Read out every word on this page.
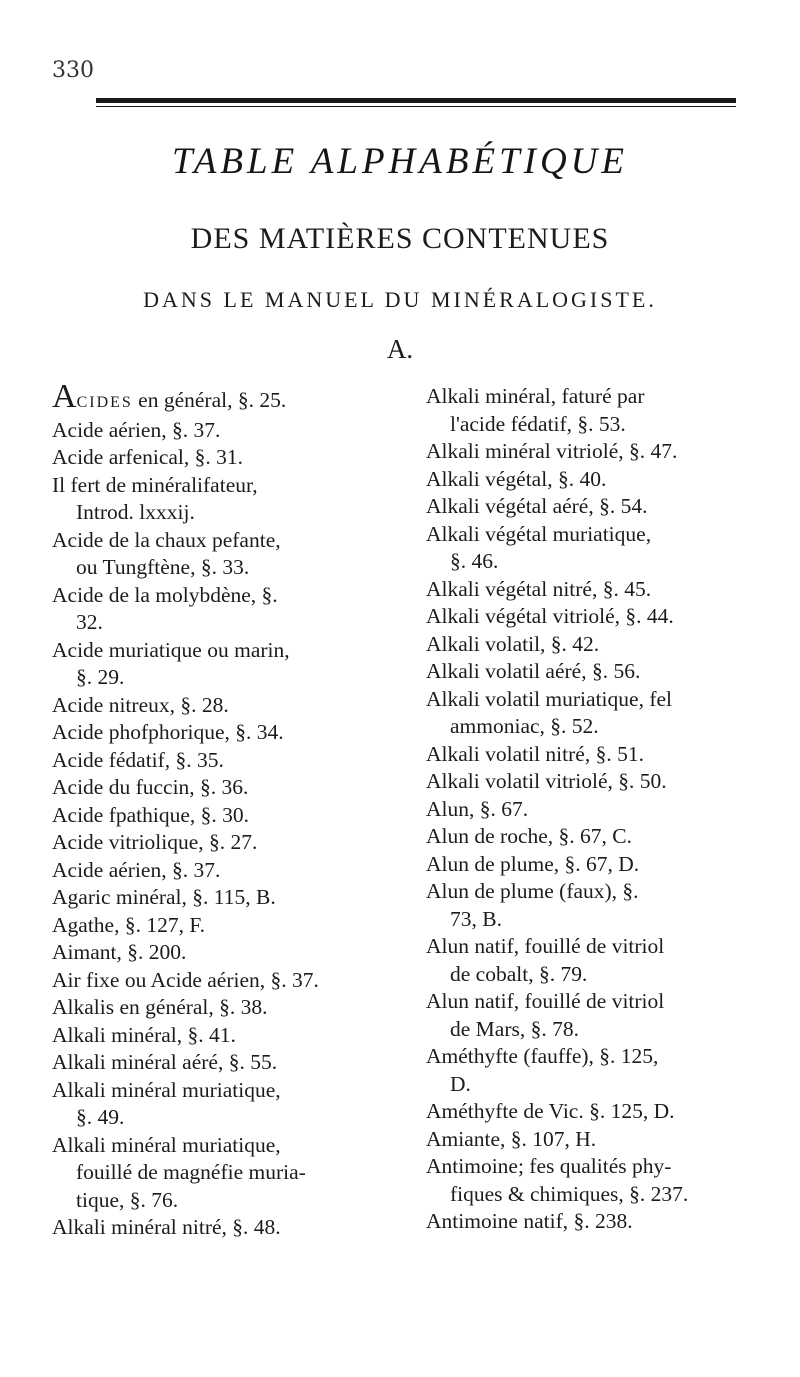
330
TABLE ALPHABÉTIQUE
DES MATIÈRES CONTENUES
DANS LE MANUEL DU MINÉRALOGISTE.
A.
ACIDES en général, §. 25.
Acide aérien, §. 37.
Acide arfenical, §. 31.
Il fert de minéralifateur,
Introd. lxxxij.
Acide de la chaux pefante,
ou Tungftène, §. 33.
Acide de la molybdène, §.
32.
Acide muriatique ou marin,
§. 29.
Acide nitreux, §. 28.
Acide phofphorique, §. 34.
Acide fédatif, §. 35.
Acide du fuccin, §. 36.
Acide fpathique, §. 30.
Acide vitriolique, §. 27.
Acide aérien, §. 37.
Agaric minéral, §. 115, B.
Agathe, §. 127, F.
Aimant, §. 200.
Air fixe ou Acide aérien, §. 37.
Alkalis en général, §. 38.
Alkali minéral, §. 41.
Alkali minéral aéré, §. 55.
Alkali minéral muriatique,
§. 49.
Alkali minéral muriatique,
fouillé de magnéfie muria-
tique, §. 76.
Alkali minéral nitré, §. 48.
Alkali minéral, faturé par
l'acide fédatif, §. 53.
Alkali minéral vitriolé, §. 47.
Alkali végétal, §. 40.
Alkali végétal aéré, §. 54.
Alkali végétal muriatique,
§. 46.
Alkali végétal nitré, §. 45.
Alkali végétal vitriolé, §. 44.
Alkali volatil, §. 42.
Alkali volatil aéré, §. 56.
Alkali volatil muriatique, fel
ammoniac, §. 52.
Alkali volatil nitré, §. 51.
Alkali volatil vitriolé, §. 50.
Alun, §. 67.
Alun de roche, §. 67, C.
Alun de plume, §. 67, D.
Alun de plume (faux), §.
73, B.
Alun natif, fouillé de vitriol
de cobalt, §. 79.
Alun natif, fouillé de vitriol
de Mars, §. 78.
Améthyfte (fauffe), §. 125,
D.
Améthyfte de Vic. §. 125, D.
Amiante, §. 107, H.
Antimoine; fes qualités phy-
fiques & chimiques, §. 237.
Antimoine natif, §. 238.
